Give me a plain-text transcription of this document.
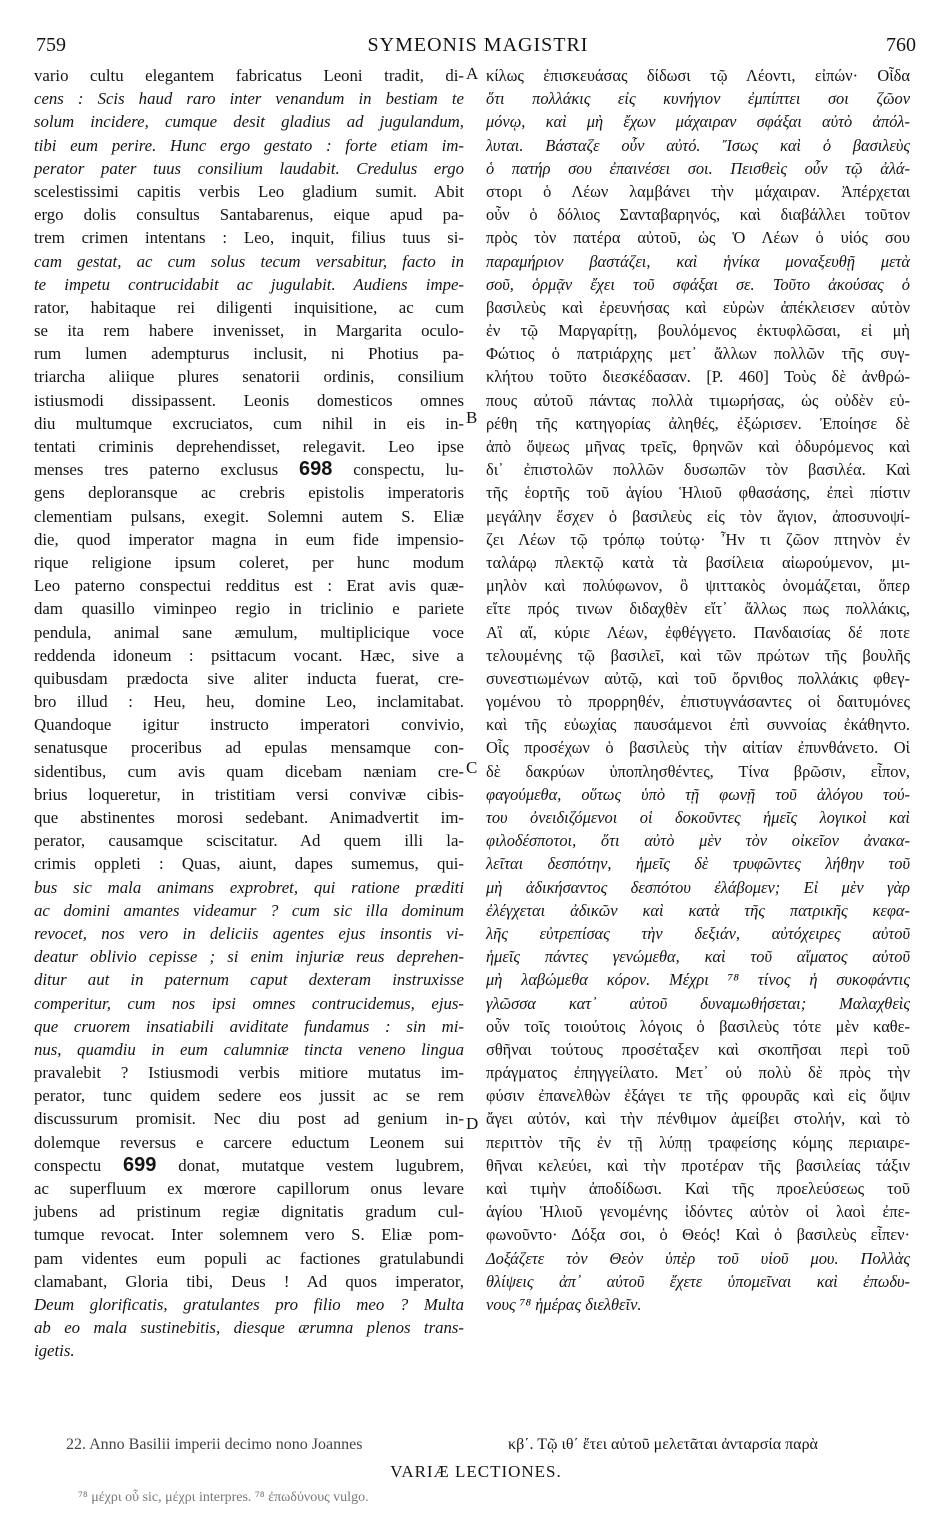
759	SYMEONIS MAGISTRI	760
vario cultu elegantem fabricatus Leoni tradit, di-
cens : Scis haud raro inter venandum in bestiam te
solum incidere, cumque desit gladius ad jugulandum,
tibi eum perire. Hunc ergo gestato : forte etiam im-
perator pater tuus consilium laudabit. Credulus ergo
scelestissimi capitis verbis Leo gladium sumit. Abit
ergo dolis consultus Santabarenus, eique apud pa-
trem crimen intentans : Leo, inquit, filius tuus si-
cam gestat, ac cum solus tecum versabitur, facto in
te impetu contrucidabit ac jugulabit. Audiens impe-
rator, habitaque rei diligenti inquisitione, ac cum
se ita rem habere invenisset, in Margarita oculo-
rum lumen adempturus inclusit, ni Photius pa-
triarcha aliique plures senatorii ordinis, consilium
istiusmodi dissipassent. Leonis domesticos omnes
diu multumque excruciatos, cum nihil in eis in-
tentati criminis deprehendisset, relegavit. Leo ipse
menses tres paterno exclusus 698 conspectu, lu-
gens deploransque ac crebris epistolis imperatoris
clementiam pulsans, exegit. Solemni autem S. Eliæ
die, quod imperator magna in eum fide impensio-
rique religione ipsum coleret, per hunc modum
Leo paterno conspectui redditus est : Erat avis quæ-
dam quasillo viminpeo regio in triclinio e pariete
pendula, animal sane æmulum, multiplicique voce
reddenda idoneum : psittacum vocant. Hæc, sive a
quibusdam prædocta sive aliter inducta fuerat, cre-
bro illud : Heu, heu, domine Leo, inclamitabat.
Quandoque igitur instructo imperatori convivio,
senatusque proceribus ad epulas mensamque con-
sidentibus, cum avis quam dicebam næniam cre-
brius loqueretur, in tristitiam versi convivæ cibis-
que abstinentes morosi sedebant. Animadvertit im-
perator, causamque sciscitatur. Ad quem illi la-
crimis oppleti : Quas, aiunt, dapes sumemus, qui-
bus sic mala animans exprobret, qui ratione præditi
ac domini amantes videamur ? cum sic illa dominum
revocet, nos vero in deliciis agentes ejus insontis vi-
deatur oblivio cepisse ; si enim injuriæ reus deprehen-
ditur aut in paternum caput dexteram instruxisse
comperitur, cum nos ipsi omnes contrucidemus, ejus-
que cruorem insatiabili aviditate fundamus : sin mi-
nus, quamdiu in eum calumniæ tincta veneno lingua
pravalebit ? Istiusmodi verbis mitiore mutatus im-
perator, tunc quidem sedere eos jussit ac se rem
discussurum promisit. Nec diu post ad genium in-
dolemque reversus e carcere eductum Leonem sui
conspectu 699 donat, mutatque vestem lugubrem,
ac superfluum ex mœrore capillorum onus levare
jubens ad pristinum regiæ dignitatis gradum cul-
tumque revocat. Inter solemnem vero S. Eliæ pom-
pam videntes eum populi ac factiones gratulabundi
clamabant, Gloria tibi, Deus ! Ad quos imperator,
Deum glorificatis, gratulantes pro filio meo ? Multa
ab eo mala sustinebitis, diesque ærumna plenos trans-
igetis.
κίλως ἐπισκευάσας δίδωσι τῷ Λέοντι, εἰπών· Οἶδα
ὅτι πολλάκις εἰς κυνήγιον ἐμπίπτει σοι ζῶον
μόνῳ, καὶ μὴ ἔχων μάχαιραν σφάξαι αὐτὸ ἀπόλ-
λυται. Βάσταζε οὖν αὐτό. Ἴσως καὶ ὁ βασιλεὺς
ὁ πατήρ σου ἐπαινέσει σοι. Πεισθεὶς οὖν τῷ ἀλά-
στορι ὁ Λέων λαμβάνει τὴν μάχαιραν. Ἀπέρχεται
οὖν ὁ δόλιος Σανταβαρηνός, καὶ διαβάλλει τοῦτον
πρὸς τὸν πατέρα αὐτοῦ, ὡς Ὁ Λέων ὁ υἱός σου
παραμήριον βαστάζει, καὶ ἡνίκα μοναξευθῇ μετὰ
σοῦ, ὁρμᾷν ἔχει τοῦ σφάξαι σε. Τοῦτο ἀκούσας ὁ
βασιλεὺς καὶ ἐρευνήσας καὶ εὑρὼν ἀπέκλεισεν αὐτὸν
ἐν τῷ Μαργαρίτῃ, βουλόμενος ἐκτυφλῶσαι, εἰ μὴ
Φώτιος ὁ πατριάρχης μετ᾽ ἄλλων πολλῶν τῆς συγ-
κλήτου τοῦτο διεσκέδασαν. [P. 460] Τοὺς δὲ ἀνθρώ-
πους αὐτοῦ πάντας πολλὰ τιμωρήσας, ὡς οὐδὲν εὑ-
ρέθη τῆς κατηγορίας ἀληθές, ἐξώρισεν. Ἐποίησε δὲ
ἀπὸ ὄψεως μῆνας τρεῖς, θρηνῶν καὶ ὀδυρόμενος καὶ
δι᾽ ἐπιστολῶν πολλῶν δυσωπῶν τὸν βασιλέα. Καὶ
τῆς ἑορτῆς τοῦ ἁγίου Ἡλιοῦ φθασάσης, ἐπεὶ πίστιν
μεγάλην ἔσχεν ὁ βασιλεὺς εἰς τὸν ἅγιον, ἀποσυνοψί-
ζει Λέων τῷ τρόπῳ τούτῳ· Ἦν τι ζῶον πτηνὸν ἐν
ταλάρῳ πλεκτῷ κατὰ τὰ βασίλεια αἰωρούμενον, μι-
μηλὸν καὶ πολύφωνον, ὃ ψιττακὸς ὀνομάζεται, ὅπερ
εἴτε πρός τινων διδαχθὲν εἴτ᾽ ἄλλως πως πολλάκις,
Αἲ αἴ, κύριε Λέων, ἐφθέγγετο. Πανδαισίας δέ ποτε
τελουμένης τῷ βασιλεῖ, καὶ τῶν πρώτων τῆς βουλῆς
συνεστιωμένων αὐτῷ, καὶ τοῦ ὄρνιθος πολλάκις φθεγ-
γομένου τὸ προρρηθέν, ἐπιστυγνάσαντες οἱ δαιτυμόνες
καὶ τῆς εὐωχίας παυσάμενοι ἐπὶ συννοίας ἐκάθηντο.
Οἷς προσέχων ὁ βασιλεὺς τὴν αἰτίαν ἐπυνθάνετο. Οἱ
δὲ δακρύων ὑποπλησθέντες, Τίνα βρῶσιν, εἶπον,
φαγούμεθα, οὕτως ὑπὸ τῇ φωνῇ τοῦ ἀλόγου τού-
του ὀνειδιζόμενοι οἱ δοκοῦντες ἡμεῖς λογικοὶ καὶ
φιλοδέσποτοι, ὅτι αὐτὸ μὲν τὸν οἰκεῖον ἀνακα-
λεῖται δεσπότην, ἡμεῖς δὲ τρυφῶντες λήθην τοῦ
μὴ ἀδικήσαντος δεσπότου ἐλάβομεν; Εἰ μὲν γὰρ
ἐλέγχεται ἀδικῶν καὶ κατὰ τῆς πατρικῆς κεφα-
λῆς εὐτρεπίσας τὴν δεξιάν, αὐτόχειρες αὐτοῦ
ἡμεῖς πάντες γενώμεθα, καὶ τοῦ αἵματος αὐτοῦ
μὴ λαβώμεθα κόρον. Μέχρι ⁷⁸ τίνος ἡ συκοφάντις
γλῶσσα κατ᾽ αὐτοῦ δυναμωθήσεται; Μαλαχθεὶς
οὖν τοῖς τοιούτοις λόγοις ὁ βασιλεὺς τότε μὲν καθε-
σθῆναι τούτους προσέταξεν καὶ σκοπῆσαι περὶ τοῦ
πράγματος ἐπηγγείλατο. Μετ᾽ οὐ πολὺ δὲ πρὸς τὴν
φύσιν ἐπανελθὼν ἐξάγει τε τῆς φρουρᾶς καὶ εἰς ὄψιν
ἄγει αὐτόν, καὶ τὴν πένθιμον ἀμείβει στολήν, καὶ τὸ
περιττὸν τῆς ἐν τῇ λύπῃ τραφείσης κόμης περιαιρε-
θῆναι κελεύει, καὶ τὴν προτέραν τῆς βασιλείας τάξιν
καὶ τιμὴν ἀποδίδωσι. Καὶ τῆς προελεύσεως τοῦ
ἁγίου Ἡλιοῦ γενομένης ἰδόντες αὐτὸν οἱ λαοὶ ἐπε-
φωνοῦντο· Δόξα σοι, ὁ Θεός! Καὶ ὁ βασιλεὺς εἶπεν·
Δοξάζετε τὸν Θεὸν ὑπὲρ τοῦ υἱοῦ μου. Πολλὰς
θλίψεις ἀπ᾽ αὐτοῦ ἔχετε ὑπομεῖναι καὶ ἐπωδυ-
νους ⁷⁸ ἡμέρας διελθεῖν.
A
B
C
D
22. Anno Basilii imperii decimo nono Joannes	κβ΄. Τῷ ιθ΄ ἔτει αὐτοῦ μελετᾶται ἀνταρσία παρὰ
VARIÆ LECTIONES.
⁷⁸ μέχρι οὗ sic, μέχρι interpres. ⁷⁸ ἐπωδύνους vulgo.
